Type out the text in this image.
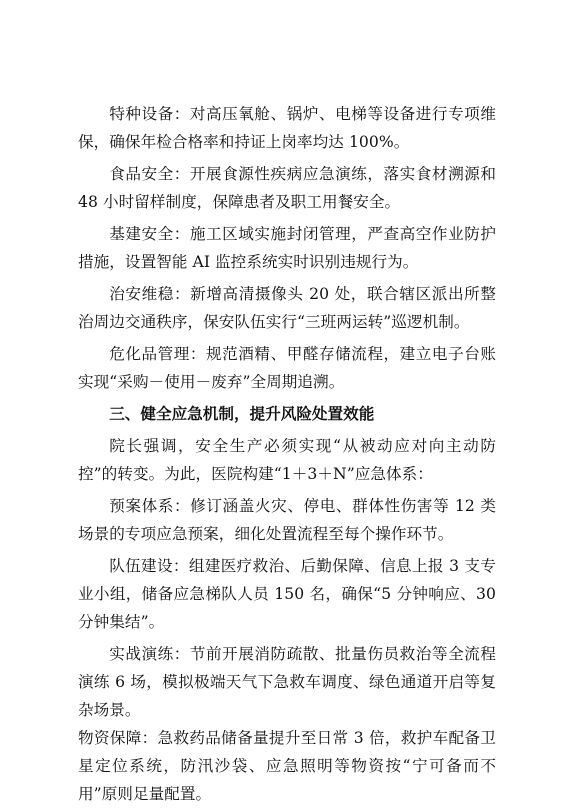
特种设备：对高压氧舱、锅炉、电梯等设备进行专项维保，确保年检合格率和持证上岗率均达 100%。

食品安全：开展食源性疾病应急演练，落实食材溯源和 48 小时留样制度，保障患者及职工用餐安全。

基建安全：施工区域实施封闭管理，严查高空作业防护措施，设置智能 AI 监控系统实时识别违规行为。

治安维稳：新增高清摄像头 20 处，联合辖区派出所整治周边交通秩序，保安队伍实行“三班两运转”巡逻机制。

危化品管理：规范酒精、甲醛存储流程，建立电子台账实现“采购－使用－废弃”全周期追溯。

三、健全应急机制，提升风险处置效能

院长强调，安全生产必须实现“从被动应对向主动防控”的转变。为此，医院构建“1＋3＋N”应急体系：

预案体系：修订涵盖火灾、停电、群体性伤害等 12 类场景的专项应急预案，细化处置流程至每个操作环节。

队伍建设：组建医疗救治、后勤保障、信息上报 3 支专业小组，储备应急梯队人员 150 名，确保“5 分钟响应、30 分钟集结”。

实战演练：节前开展消防疏散、批量伤员救治等全流程演练 6 场，模拟极端天气下急救车调度、绿色通道开启等复杂场景。

物资保障：急救药品储备量提升至日常 3 倍，救护车配备卫星定位系统，防汛沙袋、应急照明等物资按“宁可备而不用”原则足量配置。
